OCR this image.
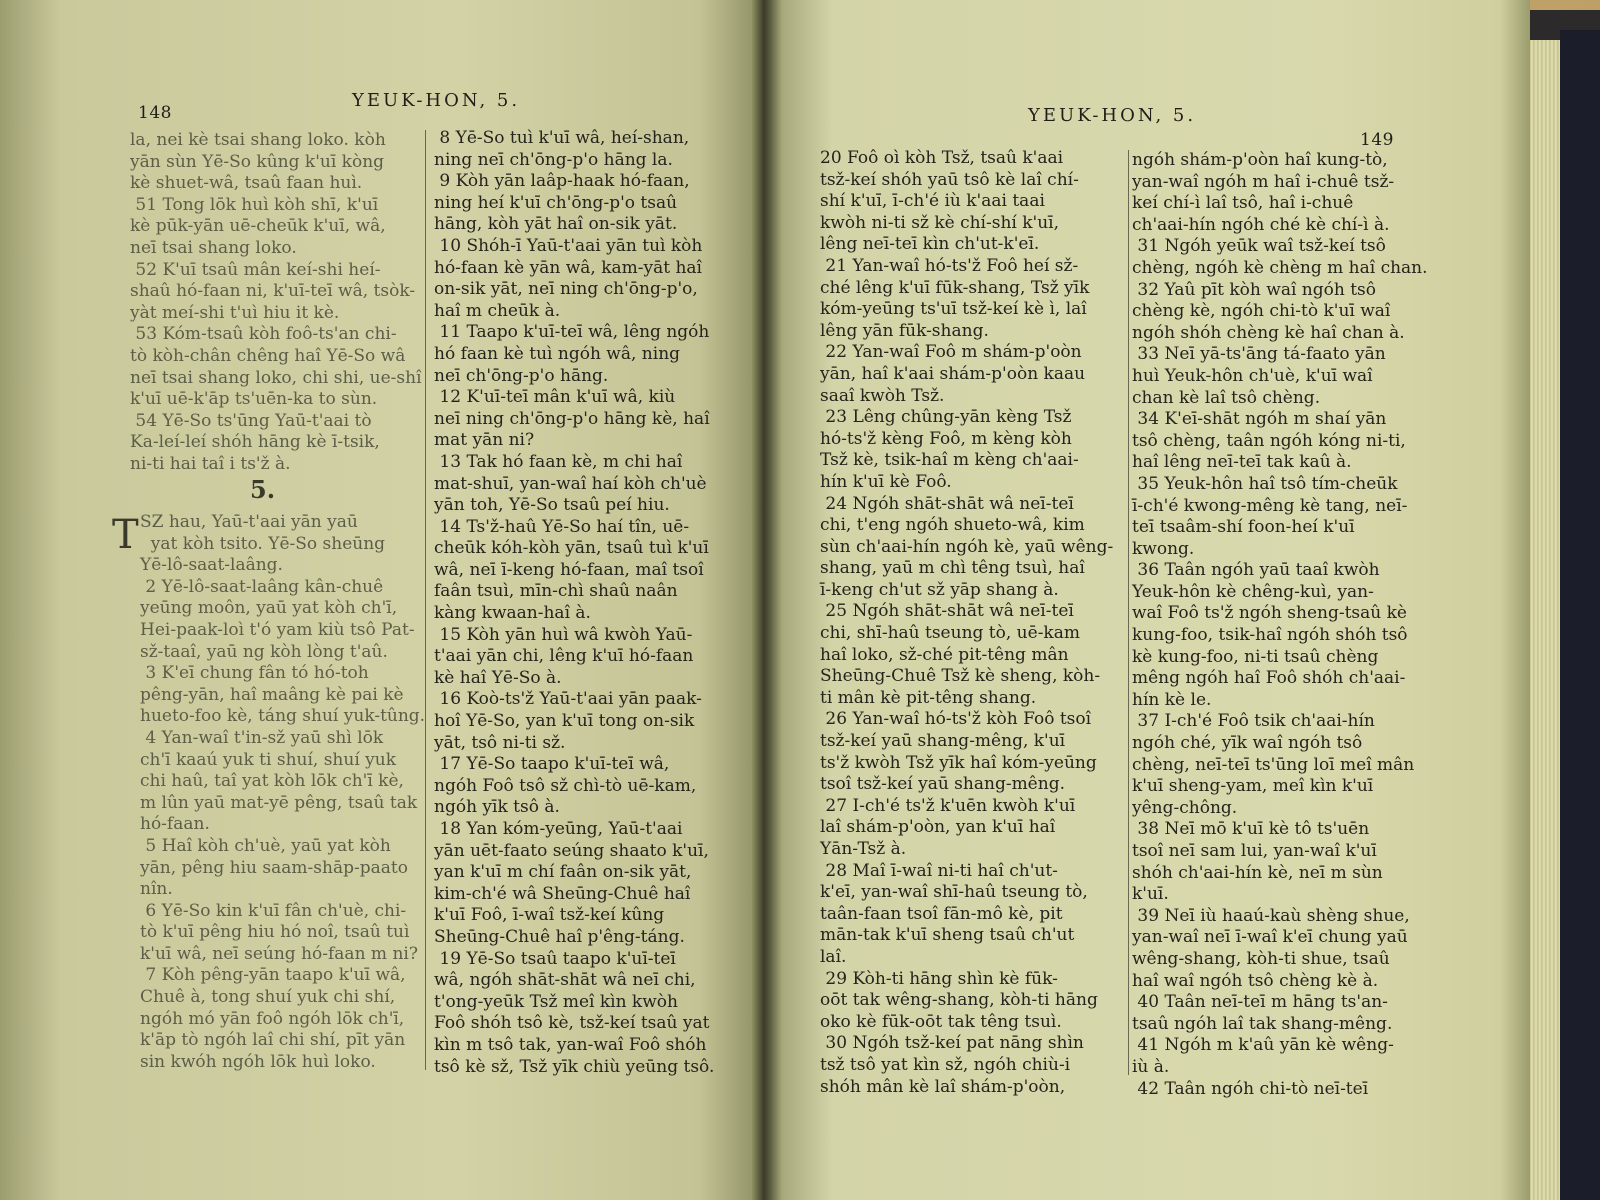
148
YEUK-HON, 5.
la, nei kè tsai shang loko. kòh
yān sùn Yē-So kûng k'uī kòng
kè shuet-wâ, tsaû faan huì.
51 Tong lōk huì kòh shī, k'uī
kè pūk-yān uē-cheūk k'uī, wâ,
neī tsai shang loko.
52 K'uī tsaû mân keí-shi heí-
shaû hó-faan ni, k'uī-teī wâ, tsòk-
yàt meí-shi t'uì hiu it kè.
53 Kóm-tsaû kòh foô-ts'an chi-
tò kòh-chân chêng haî Yē-So wâ
neī tsai shang loko, chi shi, ue-shî
k'uī uē-k'āp ts'uēn-ka to sùn.
54 Yē-So ts'ūng Yaū-t'aai tò
Ka-leí-leí shóh hāng kè ī-tsik,
ni-ti hai taî i ts'ž à.
5.
T SZ hau, Yaū-t'aai yān yaū
yat kòh tsito. Yē-So sheūng
Yē-lô-saat-laâng.
2 Yē-lô-saat-laâng kân-chuê
yeūng moôn, yaū yat kòh ch'ī,
Hei-paak-loì t'ó yam kiù tsô Pat-
sž-taaî, yaū ng kòh lòng t'aû.
3 K'eī chung fân tó hó-toh
pêng-yān, haî maâng kè pai kè
hueto-foo kè, táng shuí yuk-tûng.
4 Yan-waî t'in-sž yaū shì lōk
ch'ī kaaú yuk ti shuí, shuí yuk
chi haû, taî yat kòh lōk ch'ī kè,
m lûn yaū mat-yē pêng, tsaû tak
hó-faan.
5 Haî kòh ch'uè, yaū yat kòh
yān, pêng hiu saam-shāp-paato
nîn.
6 Yē-So kin k'uī fân ch'uè, chi-
tò k'uī pêng hiu hó noî, tsaû tuì
k'uī wâ, neī seúng hó-faan m ni?
7 Kòh pêng-yān taapo k'uī wâ,
Chuê à, tong shuí yuk chi shí,
ngóh mó yān foô ngóh lōk ch'ī,
k'āp tò ngóh laî chi shí, pīt yān
sin kwóh ngóh lōk huì loko.
8 Yē-So tuì k'uī wâ, heí-shan,
ning neī ch'ōng-p'o hāng la.
9 Kòh yān laâp-haak hó-faan,
ning heí k'uī ch'ōng-p'o tsaû
hāng, kòh yāt haî on-sik yāt.
10 Shóh-ī Yaū-t'aai yān tuì kòh
hó-faan kè yān wâ, kam-yāt haî
on-sik yāt, neī ning ch'ōng-p'o,
haî m cheūk à.
11 Taapo k'uī-teī wâ, lêng ngóh
hó faan kè tuì ngóh wâ, ning
neī ch'ōng-p'o hāng.
12 K'uī-teī mân k'uī wâ, kiù
neī ning ch'ōng-p'o hāng kè, haî
mat yān ni?
13 Tak hó faan kè, m chi haî
mat-shuī, yan-waî haí kòh ch'uè
yān toh, Yē-So tsaû peí hiu.
14 Ts'ž-haû Yē-So haí tîn, uē-
cheūk kóh-kòh yān, tsaû tuì k'uī
wâ, neī ī-keng hó-faan, maî tsoî
faân tsuì, mīn-chì shaû naân
kàng kwaan-haî à.
15 Kòh yān huì wâ kwòh Yaū-
t'aai yān chi, lêng k'uī hó-faan
kè haî Yē-So à.
16 Koò-ts'ž Yaū-t'aai yān paak-
hoî Yē-So, yan k'uī tong on-sik
yāt, tsô ni-ti sž.
17 Yē-So taapo k'uī-teī wâ,
ngóh Foô tsô sž chì-tò uē-kam,
ngóh yīk tsô à.
18 Yan kóm-yeūng, Yaū-t'aai
yān uēt-faato seúng shaato k'uī,
yan k'uī m chí faân on-sik yāt,
kim-ch'é wâ Sheūng-Chuê haî
k'uī Foô, ī-waî tsž-keí kûng
Sheūng-Chuê haî p'êng-táng.
19 Yē-So tsaû taapo k'uī-teī
wâ, ngóh shāt-shāt wâ neī chi,
t'ong-yeūk Tsž meî kìn kwòh
Foô shóh tsô kè, tsž-keí tsaû yat
kìn m tsô tak, yan-waî Foô shóh
tsô kè sž, Tsž yīk chiù yeūng tsô.
YEUK-HON, 5.
149
20 Foô oì kòh Tsž, tsaû k'aai
tsž-keí shóh yaū tsô kè laî chí-
shí k'uī, ī-ch'é iù k'aai taai
kwòh ni-ti sž kè chí-shí k'uī,
lêng neī-teī kìn ch'ut-k'eī.
21 Yan-waî hó-ts'ž Foô heí sž-
ché lêng k'uī fūk-shang, Tsž yīk
kóm-yeūng ts'uī tsž-keí kè ì, laî
lêng yān fūk-shang.
22 Yan-waî Foô m shám-p'oòn
yān, haî k'aai shám-p'oòn kaau
saaî kwòh Tsž.
23 Lêng chûng-yān kèng Tsž
hó-ts'ž kèng Foô, m kèng kòh
Tsž kè, tsik-haî m kèng ch'aai-
hín k'uī kè Foô.
24 Ngóh shāt-shāt wâ neī-teī
chi, t'eng ngóh shueto-wâ, kim
sùn ch'aai-hín ngóh kè, yaū wêng-
shang, yaū m chì têng tsuì, haî
ī-keng ch'ut sž yāp shang à.
25 Ngóh shāt-shāt wâ neī-teī
chi, shī-haû tseung tò, uē-kam
haî loko, sž-ché pit-têng mân
Sheūng-Chuê Tsž kè sheng, kòh-
ti mân kè pit-têng shang.
26 Yan-waî hó-ts'ž kòh Foô tsoî
tsž-keí yaū shang-mêng, k'uī
ts'ž kwòh Tsž yīk haî kóm-yeūng
tsoî tsž-keí yaū shang-mêng.
27 I-ch'é ts'ž k'uēn kwòh k'uī
laî shám-p'oòn, yan k'uī haî
Yān-Tsž à.
28 Maî ī-waî ni-ti haî ch'ut-
k'eī, yan-waî shī-haû tseung tò,
taân-faan tsoî fān-mô kè, pit
mān-tak k'uī sheng tsaû ch'ut
laî.
29 Kòh-ti hāng shìn kè fūk-
oōt tak wêng-shang, kòh-ti hāng
oko kè fūk-oōt tak têng tsuì.
30 Ngóh tsž-keí pat nāng shìn
tsž tsô yat kìn sž, ngóh chiù-i
shóh mân kè laî shám-p'oòn,
ngóh shám-p'oòn haî kung-tò,
yan-waî ngóh m haî i-chuê tsž-
keí chí-ì laî tsô, haî i-chuê
ch'aai-hín ngóh ché kè chí-ì à.
31 Ngóh yeūk waî tsž-keí tsô
chèng, ngóh kè chèng m haî chan.
32 Yaû pīt kòh waî ngóh tsô
chèng kè, ngóh chi-tò k'uī waî
ngóh shóh chèng kè haî chan à.
33 Neī yā-ts'āng tá-faato yān
huì Yeuk-hôn ch'uè, k'uī waî
chan kè laî tsô chèng.
34 K'eī-shāt ngóh m shaí yān
tsô chèng, taân ngóh kóng ni-ti,
haî lêng neī-teī tak kaû à.
35 Yeuk-hôn haî tsô tím-cheūk
ī-ch'é kwong-mêng kè tang, neī-
teī tsaâm-shí foon-heí k'uī
kwong.
36 Taân ngóh yaū taaî kwòh
Yeuk-hôn kè chêng-kuì, yan-
waî Foô ts'ž ngóh sheng-tsaû kè
kung-foo, tsik-haî ngóh shóh tsô
kè kung-foo, ni-ti tsaû chèng
mêng ngóh haî Foô shóh ch'aai-
hín kè le.
37 I-ch'é Foô tsik ch'aai-hín
ngóh ché, yīk waî ngóh tsô
chèng, neī-teī ts'ūng loī meî mân
k'uī sheng-yam, meî kìn k'uī
yêng-chông.
38 Neī mō k'uī kè tô ts'uēn
tsoî neī sam lui, yan-waî k'uī
shóh ch'aai-hín kè, neī m sùn
k'uī.
39 Neī iù haaú-kaù shèng shue,
yan-waî neī ī-waî k'eī chung yaū
wêng-shang, kòh-ti shue, tsaû
haî waî ngóh tsô chèng kè à.
40 Taân neī-teī m hāng ts'an-
tsaû ngóh laî tak shang-mêng.
41 Ngóh m k'aû yān kè wêng-
iù à.
42 Taân ngóh chi-tò neī-teī
